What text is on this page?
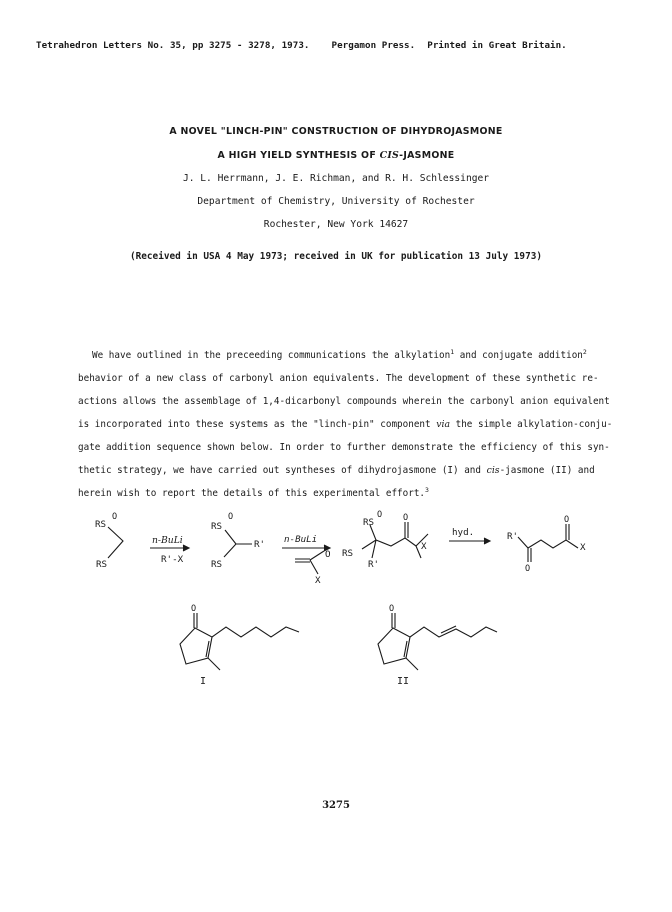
Tetrahedron Letters No. 35, pp 3275 - 3278, 1973. Pergamon Press. Printed in Great Britain.
A NOVEL "LINCH-PIN" CONSTRUCTION OF DIHYDROJASMONE
A HIGH YIELD SYNTHESIS OF CIS-JASMONE
J. L. Herrmann, J. E. Richman, and R. H. Schlessinger
Department of Chemistry, University of Rochester
Rochester, New York 14627
(Received in USA 4 May 1973; received in UK for publication 13 July 1973)
We have outlined in the preceeding communications the alkylation$^1$ and conjugate addition$^2$
behavior of a new class of carbonyl anion equivalents. The development of these synthetic re-
actions allows the assemblage of 1,4-dicarbonyl compounds wherein the carbonyl anion equivalent
is incorporated into these systems as the "linch-pin" component via the simple alkylation-conju-
gate addition sequence shown below. In order to further demonstrate the efficiency of this syn-
thetic strategy, we have carried out syntheses of dihydrojasmone (I) and cis-jasmone (II) and
herein wish to report the details of this experimental effort.$^3$
RS
O
RS
n-BuLi
R'-X
RS
O
R'
RS
n-BuLi
O
X
RS
O O
RS
R'
X
hyd.	R'
O
O
X
O
I
O
II
3275
